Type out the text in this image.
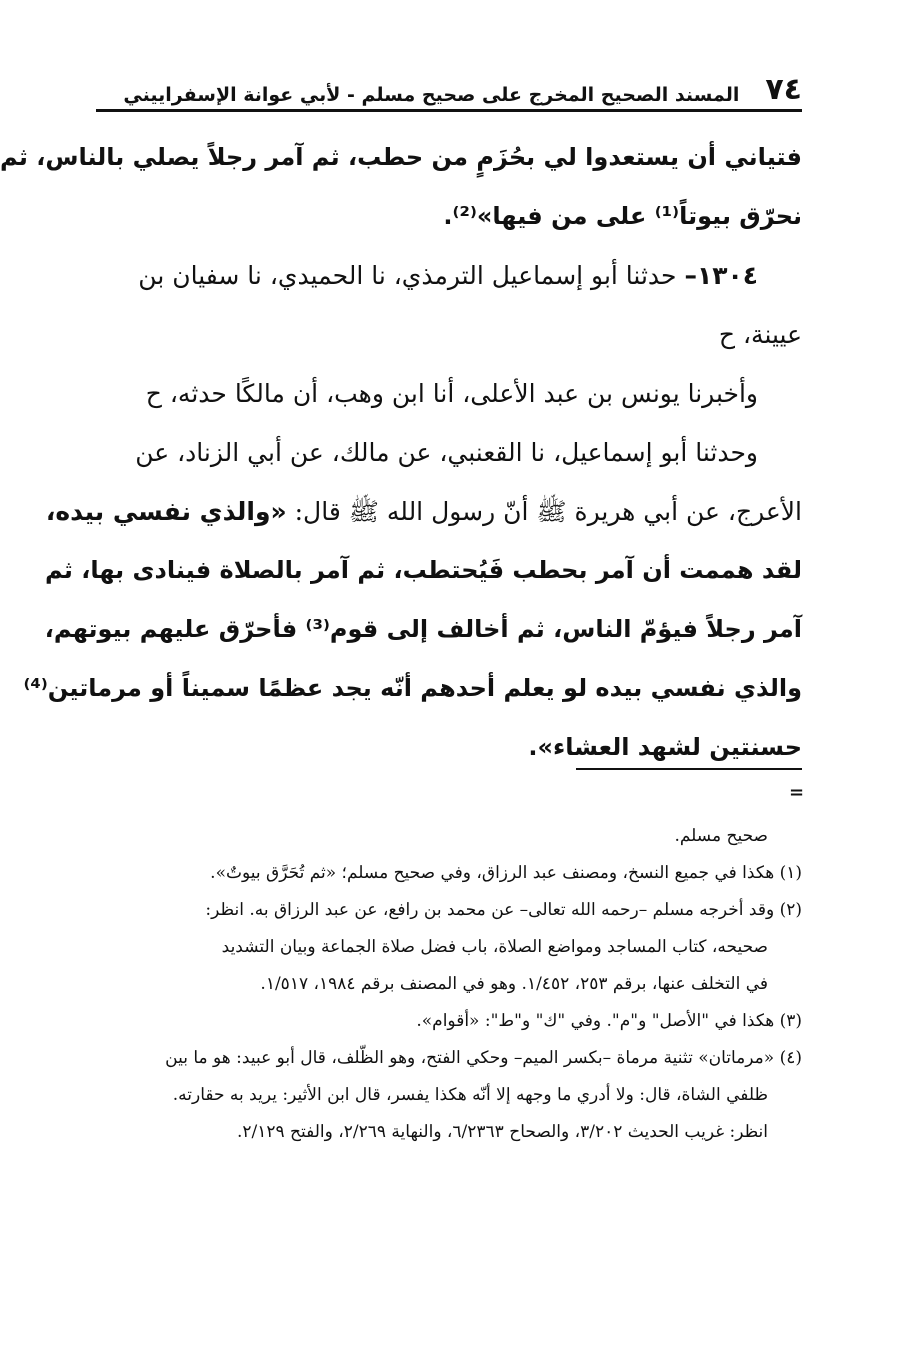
٧٤
المسند الصحيح المخرج على صحيح مسلم - لأبي عوانة الإسفراييني

فتياني أن يستعدوا لي بحُزَمٍ من حطب، ثم آمر رجلاً يصلي بالناس، ثم

نحرّق بيوتاً⁽¹⁾ على من فيها»⁽²⁾.

١٣٠٤– حدثنا أبو إسماعيل الترمذي، نا الحميدي، نا سفيان بن

عيينة، ح

وأخبرنا يونس بن عبد الأعلى، أنا ابن وهب، أن مالكًا حدثه، ح

وحدثنا أبو إسماعيل، نا القعنبي، عن مالك، عن أبي الزناد، عن

الأعرج، عن أبي هريرة ﷺ أنّ رسول الله ﷺ قال: «والذي نفسي بيده،

لقد هممت أن آمر بحطب فَيُحتطب، ثم آمر بالصلاة فينادى بها، ثم

آمر رجلاً فيؤمّ الناس، ثم أخالف إلى قوم⁽³⁾ فأحرّق عليهم بيوتهم،

والذي نفسي بيده لو يعلم أحدهم أنّه يجد عظمًا سميناً أو مرماتين⁽⁴⁾

حسنتين لشهد العشاء».

=

صحيح مسلم.

(١) هكذا في جميع النسخ، ومصنف عبد الرزاق، وفي صحيح مسلم؛ «ثم تُحَرَّق بيوتٌ».

(٢) وقد أخرجه مسلم –رحمه الله تعالى– عن محمد بن رافع، عن عبد الرزاق به. انظر:

صحيحه، كتاب المساجد ومواضع الصلاة، باب فضل صلاة الجماعة وبيان التشديد

في التخلف عنها، برقم ٢٥٣، ١/٤٥٢. وهو في المصنف برقم ١٩٨٤، ١/٥١٧.

(٣) هكذا في "الأصل" و"م". وفي "ك" و"ط": «أقوام».

(٤) «مرماتان» تثنية مرماة –بكسر الميم– وحكي الفتح، وهو الظّلف، قال أبو عبيد: هو ما بين

ظلفي الشاة، قال: ولا أدري ما وجهه إلا أنّه هكذا يفسر، قال ابن الأثير: يريد به حقارته.

انظر: غريب الحديث ٣/٢٠٢، والصحاح ٦/٢٣٦٣، والنهاية ٢/٢٦٩، والفتح ٢/١٢٩.
